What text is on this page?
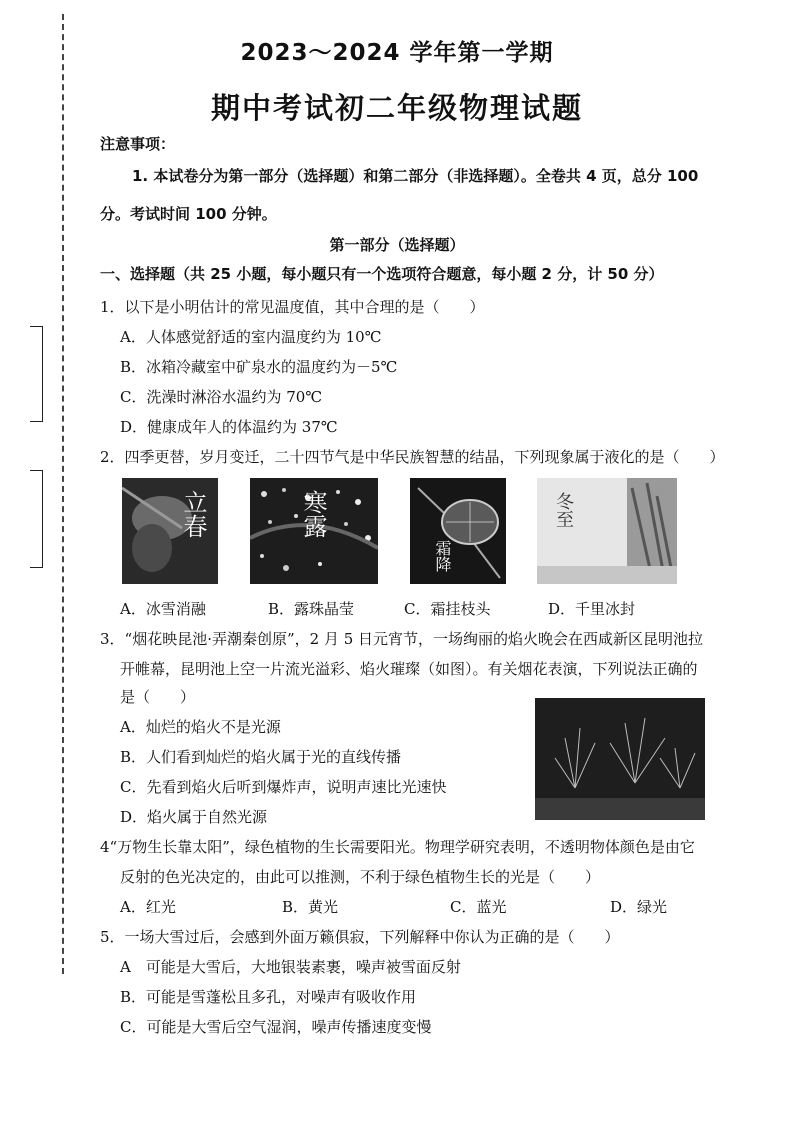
2023～2024 学年第一学期
期中考试初二年级物理试题
注意事项：
1. 本试卷分为第一部分（选择题）和第二部分（非选择题）。全卷共 4 页，总分 100
分。考试时间 100 分钟。
第一部分（选择题）
一、选择题（共 25 小题，每小题只有一个选项符合题意，每小题 2 分，计 50 分）
1．以下是小明估计的常见温度值，其中合理的是（　　）
A．人体感觉舒适的室内温度约为 10℃
B．冰箱冷藏室中矿泉水的温度约为－5℃
C．洗澡时淋浴水温约为 70℃
D．健康成年人的体温约为 37℃
2．四季更替，岁月变迁，二十四节气是中华民族智慧的结晶，下列现象属于液化的是（　　）
立春	寒露
霜降
冬至
A．冰雪消融	B．露珠晶莹	C．霜挂枝头	D．千里冰封
3．“烟花映昆池·弄潮秦创原”，2 月 5 日元宵节，一场绚丽的焰火晚会在西咸新区昆明池拉
开帷幕，昆明池上空一片流光溢彩、焰火璀璨（如图）。有关烟花表演，下列说法正确的
是（　　）
A．灿烂的焰火不是光源
B．人们看到灿烂的焰火属于光的直线传播
C．先看到焰火后听到爆炸声，说明声速比光速快
D．焰火属于自然光源
4“万物生长靠太阳”，绿色植物的生长需要阳光。物理学研究表明，不透明物体颜色是由它
反射的色光决定的，由此可以推测，不利于绿色植物生长的光是（　　）
A．红光	B．黄光	C．蓝光	D．绿光
5．一场大雪过后，会感到外面万籁俱寂，下列解释中你认为正确的是（　　）
A　可能是大雪后，大地银装素裹，噪声被雪面反射
B．可能是雪蓬松且多孔，对噪声有吸收作用
C．可能是大雪后空气湿润，噪声传播速度变慢
